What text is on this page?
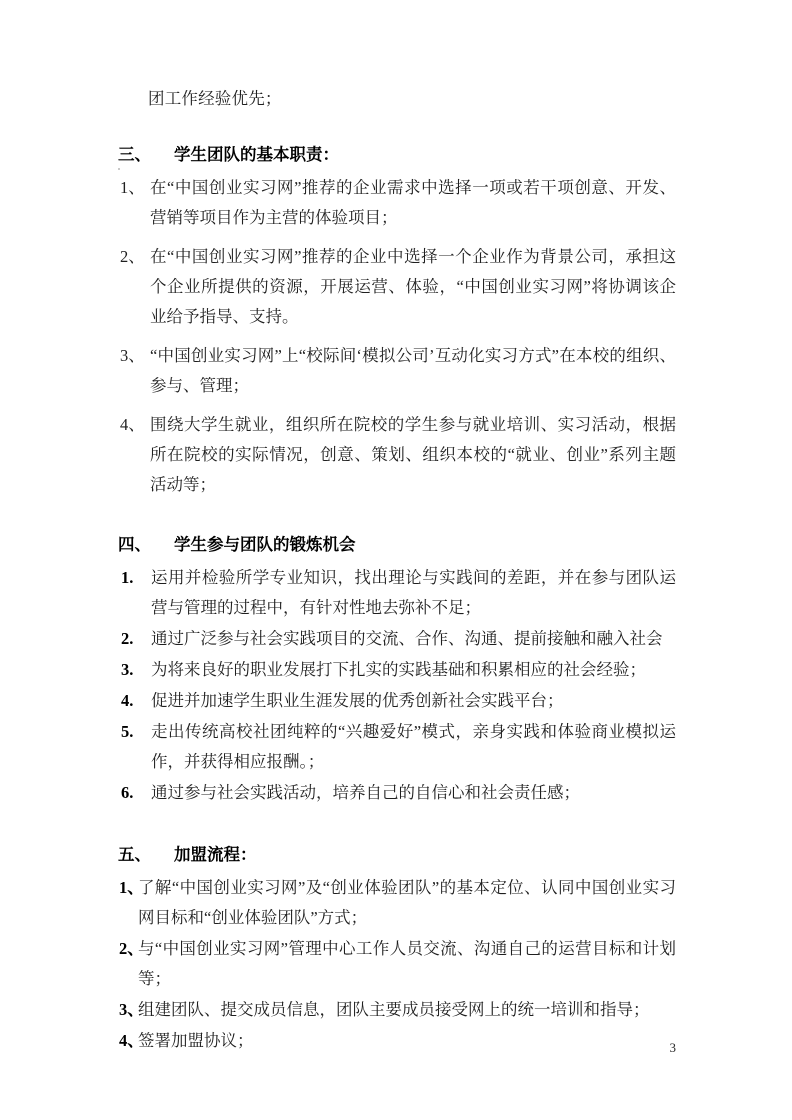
团工作经验优先；

三、 学生团队的基本职责：
1、 在“中国创业实习网”推荐的企业需求中选择一项或若干项创意、开发、营销等项目作为主营的体验项目；
2、 在“中国创业实习网”推荐的企业中选择一个企业作为背景公司，承担这个企业所提供的资源，开展运营、体验，“中国创业实习网”将协调该企业给予指导、支持。
3、 “中国创业实习网”上“校际间‘模拟公司’互动化实习方式”在本校的组织、参与、管理；
4、 围绕大学生就业，组织所在院校的学生参与就业培训、实习活动，根据所在院校的实际情况，创意、策划、组织本校的“就业、创业”系列主题活动等；
四、 学生参与团队的锻炼机会
1. 运用并检验所学专业知识，找出理论与实践间的差距，并在参与团队运营与管理的过程中，有针对性地去弥补不足；
2. 通过广泛参与社会实践项目的交流、合作、沟通、提前接触和融入社会
3. 为将来良好的职业发展打下扎实的实践基础和积累相应的社会经验；
4. 促进并加速学生职业生涯发展的优秀创新社会实践平台；
5. 走出传统高校社团纯粹的“兴趣爱好”模式，亲身实践和体验商业模拟运作，并获得相应报酬。；
6. 通过参与社会实践活动，培养自己的自信心和社会责任感；
五、 加盟流程：
1、
了解“中国创业实习网”及“创业体验团队”的基本定位、认同中国创业实习网目标和“创业体验团队”方式；
2、
与“中国创业实习网”管理中心工作人员交流、沟通自己的运营目标和计划等；
3、
组建团队、提交成员信息，团队主要成员接受网上的统一培训和指导；
4、
签署加盟协议；	3
